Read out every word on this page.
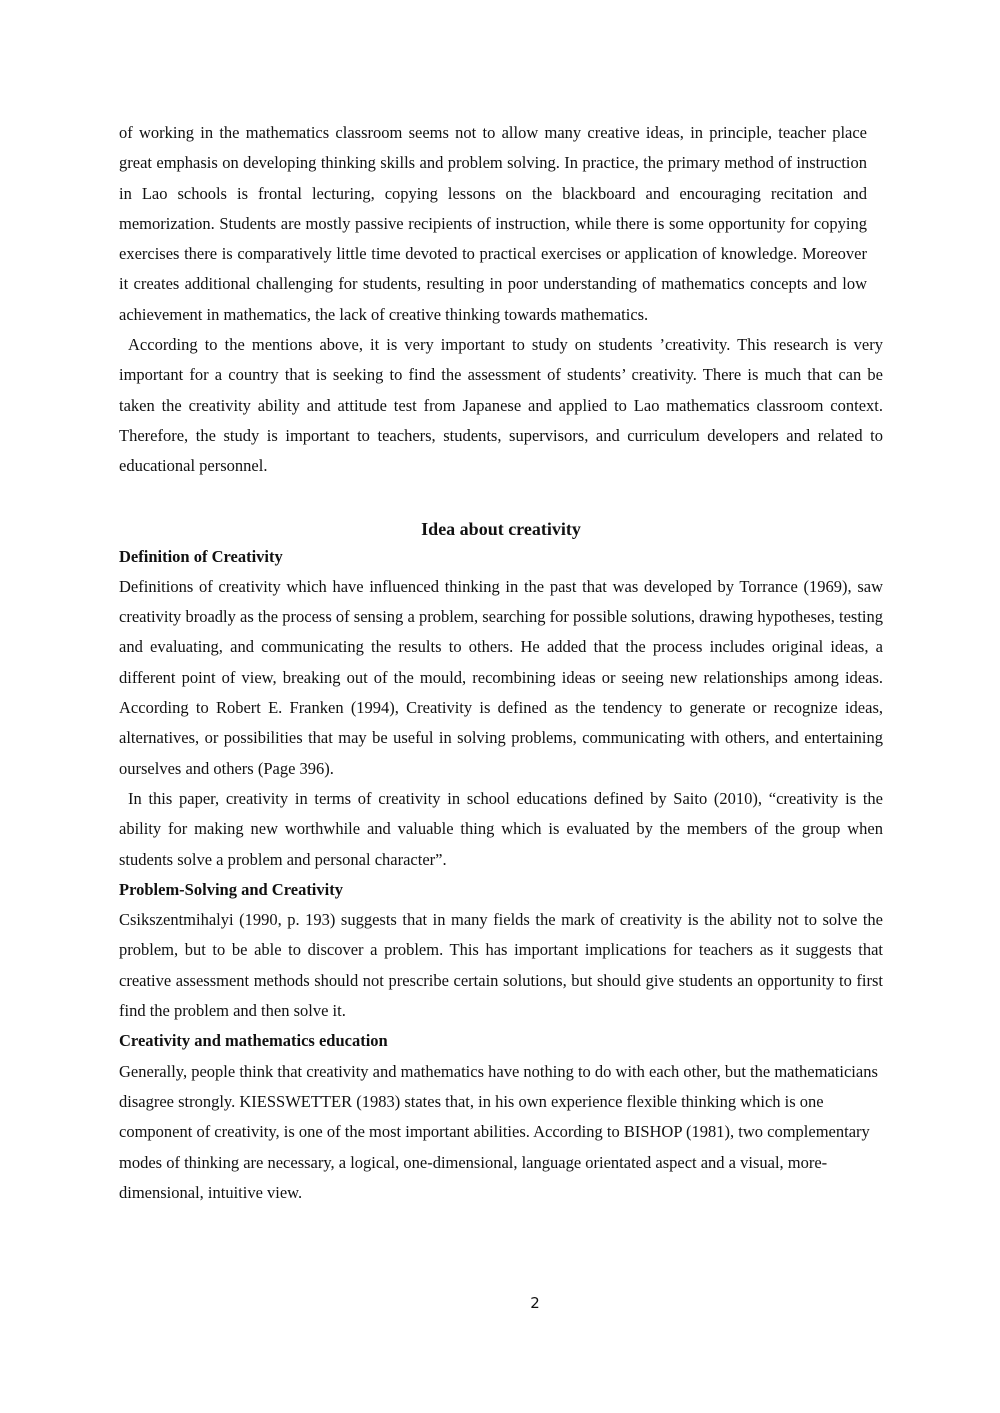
of working in the mathematics classroom seems not to allow many creative ideas, in principle, teacher place great emphasis on developing thinking skills and problem solving. In practice, the primary method of instruction in Lao schools is frontal lecturing, copying lessons on the blackboard and encouraging recitation and memorization. Students are mostly passive recipients of instruction, while there is some opportunity for copying exercises there is comparatively little time devoted to practical exercises or application of knowledge. Moreover it creates additional challenging for students, resulting in poor understanding of mathematics concepts and low achievement in mathematics, the lack of creative thinking towards mathematics.

According to the mentions above, it is very important to study on students ’creativity. This research is very important for a country that is seeking to find the assessment of students’ creativity. There is much that can be taken the creativity ability and attitude test from Japanese and applied to Lao mathematics classroom context. Therefore, the study is important to teachers, students, supervisors, and curriculum developers and related to educational personnel.

Idea about creativity
Definition of Creativity

Definitions of creativity which have influenced thinking in the past that was developed by Torrance (1969), saw creativity broadly as the process of sensing a problem, searching for possible solutions, drawing hypotheses, testing and evaluating, and communicating the results to others. He added that the process includes original ideas, a different point of view, breaking out of the mould, recombining ideas or seeing new relationships among ideas. According to Robert E. Franken (1994), Creativity is defined as the tendency to generate or recognize ideas, alternatives, or possibilities that may be useful in solving problems, communicating with others, and entertaining ourselves and others (Page 396).

In this paper, creativity in terms of creativity in school educations defined by Saito (2010), “creativity is the ability for making new worthwhile and valuable thing which is evaluated by the members of the group when students solve a problem and personal character”.

Problem-Solving and Creativity

Csikszentmihalyi (1990, p. 193) suggests that in many fields the mark of creativity is the ability not to solve the problem, but to be able to discover a problem. This has important implications for teachers as it suggests that creative assessment methods should not prescribe certain solutions, but should give students an opportunity to first find the problem and then solve it.

Creativity and mathematics education

Generally, people think that creativity and mathematics have nothing to do with each other, but the mathematicians disagree strongly. KIESSWETTER (1983) states that, in his own experience flexible thinking which is one component of creativity, is one of the most important abilities. According to BISHOP (1981), two complementary modes of thinking are necessary, a logical, one-dimensional, language orientated aspect and a visual, more-dimensional, intuitive view.

2
